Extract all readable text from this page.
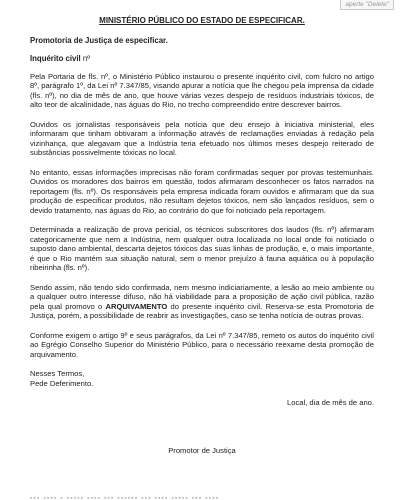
aperte "Delete"
MINISTÉRIO PÚBLICO DO ESTADO DE ESPECIFICAR.
Promotoria de Justiça de especificar.
Inquérito civil nº

Pela Portaria de fls. nº, o Ministério Público instaurou o presente inquérito civil, com fulcro no artigo 8º, parágrafo 1º, da Lei nº 7.347/85, visando apurar a notícia que lhe chegou pela imprensa da cidade (fls. nº), no dia de mês de ano, que houve várias vezes despejo de resíduos industriais tóxicos, de alto teor de alcalinidade, nas águas do Rio, no trecho compreendido entre descrever bairros.

Ouvidos os jornalistas responsáveis pela notícia que deu ensejo à iniciativa ministerial, eles informaram que tinham obtivaram a informação através de reclamações enviadas à redação pela vizinhança, que alegavam que a Indústria teria efetuado nos últimos meses despejo reiterado de substâncias possivelmente tóxicas no local.

No entanto, essas informações imprecisas não foram confirmadas sequer por provas testemunhais. Ouvidos os moradores dos bairros em questão, todos afirmaram desconhecer os fatos narrados na reportagem (fls. nº). Os responsáveis pela empresa indicada foram ouvidos e afirmaram que da sua produção de especificar produtos, não resultam dejetos tóxicos, nem são lançados resíduos, sem o devido tratamento, nas águas do Rio, ao contrário do que foi noticiado pela reportagem.

Determinada a realização de prova pericial, os técnicos subscritores dos laudos (fls. nº) afirmaram categoricamente que nem a Indústria, nem qualquer outra localizada no local onde foi noticiado o suposto dano ambiental, descarta dejetos tóxicos das suas linhas de produção, e, o mais importante, é que o Rio mantém sua situação natural, sem o menor prejuízo à fauna aquática ou à população ribeirinha (fls. nº).

Sendo assim, não tendo sido confirmada, nem mesmo indiciariamente, a lesão ao meio ambiente ou a qualquer outro interesse difuso, não há viabilidade para a proposição de ação civil pública, razão pela qual promovo o ARQUIVAMENTO do presente inquérito civil. Reserva-se esta Promotoria de Justiça, porém, a possibilidade de reabrir as investigações, caso se tenha notícia de outras provas.

Conforme exigem o artigo 9º e seus parágrafos, da Lei nº 7.347/85, remeto os autos do inquérito civil ao Egrégio Conselho Superior do Ministério Público, para o necessário reexame desta promoção de arquivamento.

Nesses Termos,
Pede Deferimento.
Local, dia de mês de ano.
Promotor de Justiça
▪▪▪ ▪▪▪▪ ▪ ▪▪▪▪▪ ▪▪▪▪ ▪▪▪ ▪▪▪▪▪▪ ▪▪▪ ▪▪▪▪ ▪▪▪▪▪ ▪▪▪ ▪▪▪▪
